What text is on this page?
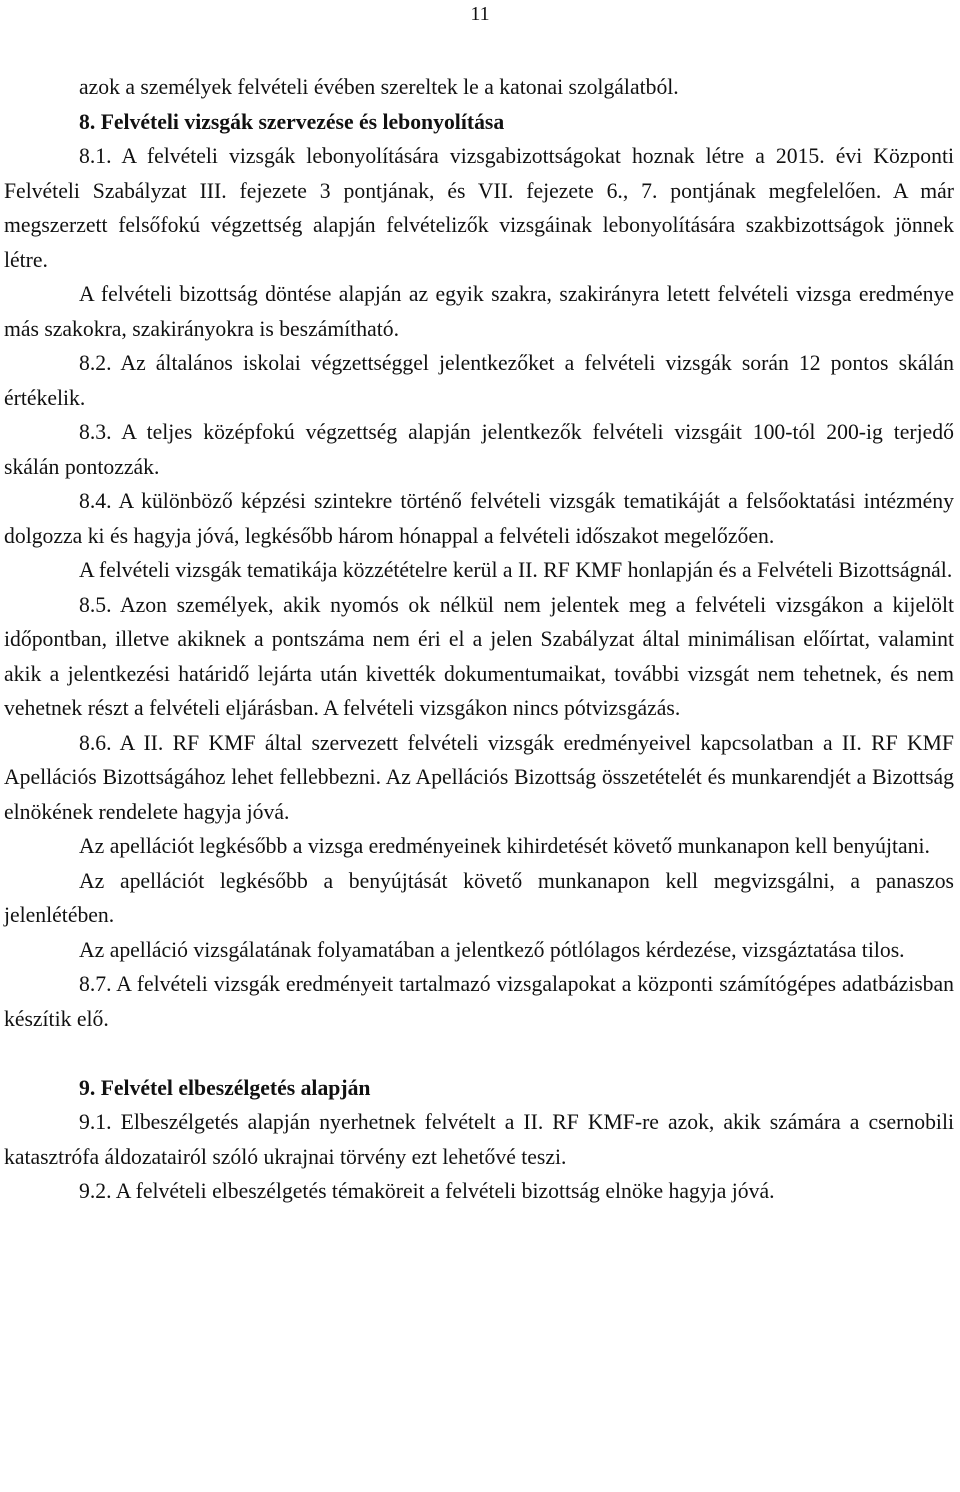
11

azok a személyek felvételi évében szereltek le a katonai szolgálatból.

8. Felvételi vizsgák szervezése és lebonyolítása

8.1. A felvételi vizsgák lebonyolítására vizsgabizottságokat hoznak létre a 2015. évi Központi Felvételi Szabályzat III. fejezete 3 pontjának, és VII. fejezete 6., 7. pontjának megfelelően. A már megszerzett felsőfokú végzettség alapján felvételizők vizsgáinak lebonyolítására szakbizottságok jönnek létre.

A felvételi bizottság döntése alapján az egyik szakra, szakirányra letett felvételi vizsga eredménye más szakokra, szakirányokra is beszámítható.

8.2. Az általános iskolai végzettséggel jelentkezőket a felvételi vizsgák során 12 pontos skálán értékelik.

8.3. A teljes középfokú végzettség alapján jelentkezők felvételi vizsgáit 100-tól 200-ig terjedő skálán pontozzák.

8.4. A különböző képzési szintekre történő felvételi vizsgák tematikáját a felsőoktatási intézmény dolgozza ki és hagyja jóvá, legkésőbb három hónappal a felvételi időszakot megelőzően.

A felvételi vizsgák tematikája közzétételre kerül a II. RF KMF honlapján és a Felvételi Bizottságnál.

8.5. Azon személyek, akik nyomós ok nélkül nem jelentek meg a felvételi vizsgákon a kijelölt időpontban, illetve akiknek a pontszáma nem éri el a jelen Szabályzat által minimálisan előírtat, valamint akik a jelentkezési határidő lejárta után kivették dokumentumaikat, további vizsgát nem tehetnek, és nem vehetnek részt a felvételi eljárásban. A felvételi vizsgákon nincs pótvizsgázás.

8.6. A II. RF KMF által szervezett felvételi vizsgák eredményeivel kapcsolatban a II. RF KMF Apellációs Bizottságához lehet fellebbezni. Az Apellációs Bizottság összetételét és munkarendjét a Bizottság elnökének rendelete hagyja jóvá.

Az apellációt legkésőbb a vizsga eredményeinek kihirdetését követő munkanapon kell benyújtani.

Az apellációt legkésőbb a benyújtását követő munkanapon kell megvizsgálni, a panaszos jelenlétében.

Az apelláció vizsgálatának folyamatában a jelentkező pótlólagos kérdezése, vizsgáztatása tilos.

8.7. A felvételi vizsgák eredményeit tartalmazó vizsgalapokat a központi számítógépes adatbázisban készítik elő.

9. Felvétel elbeszélgetés alapján

9.1. Elbeszélgetés alapján nyerhetnek felvételt a II. RF KMF-re azok, akik számára a csernobili katasztrófa áldozatairól szóló ukrajnai törvény ezt lehetővé teszi.

9.2. A felvételi elbeszélgetés témaköreit a felvételi bizottság elnöke hagyja jóvá.
